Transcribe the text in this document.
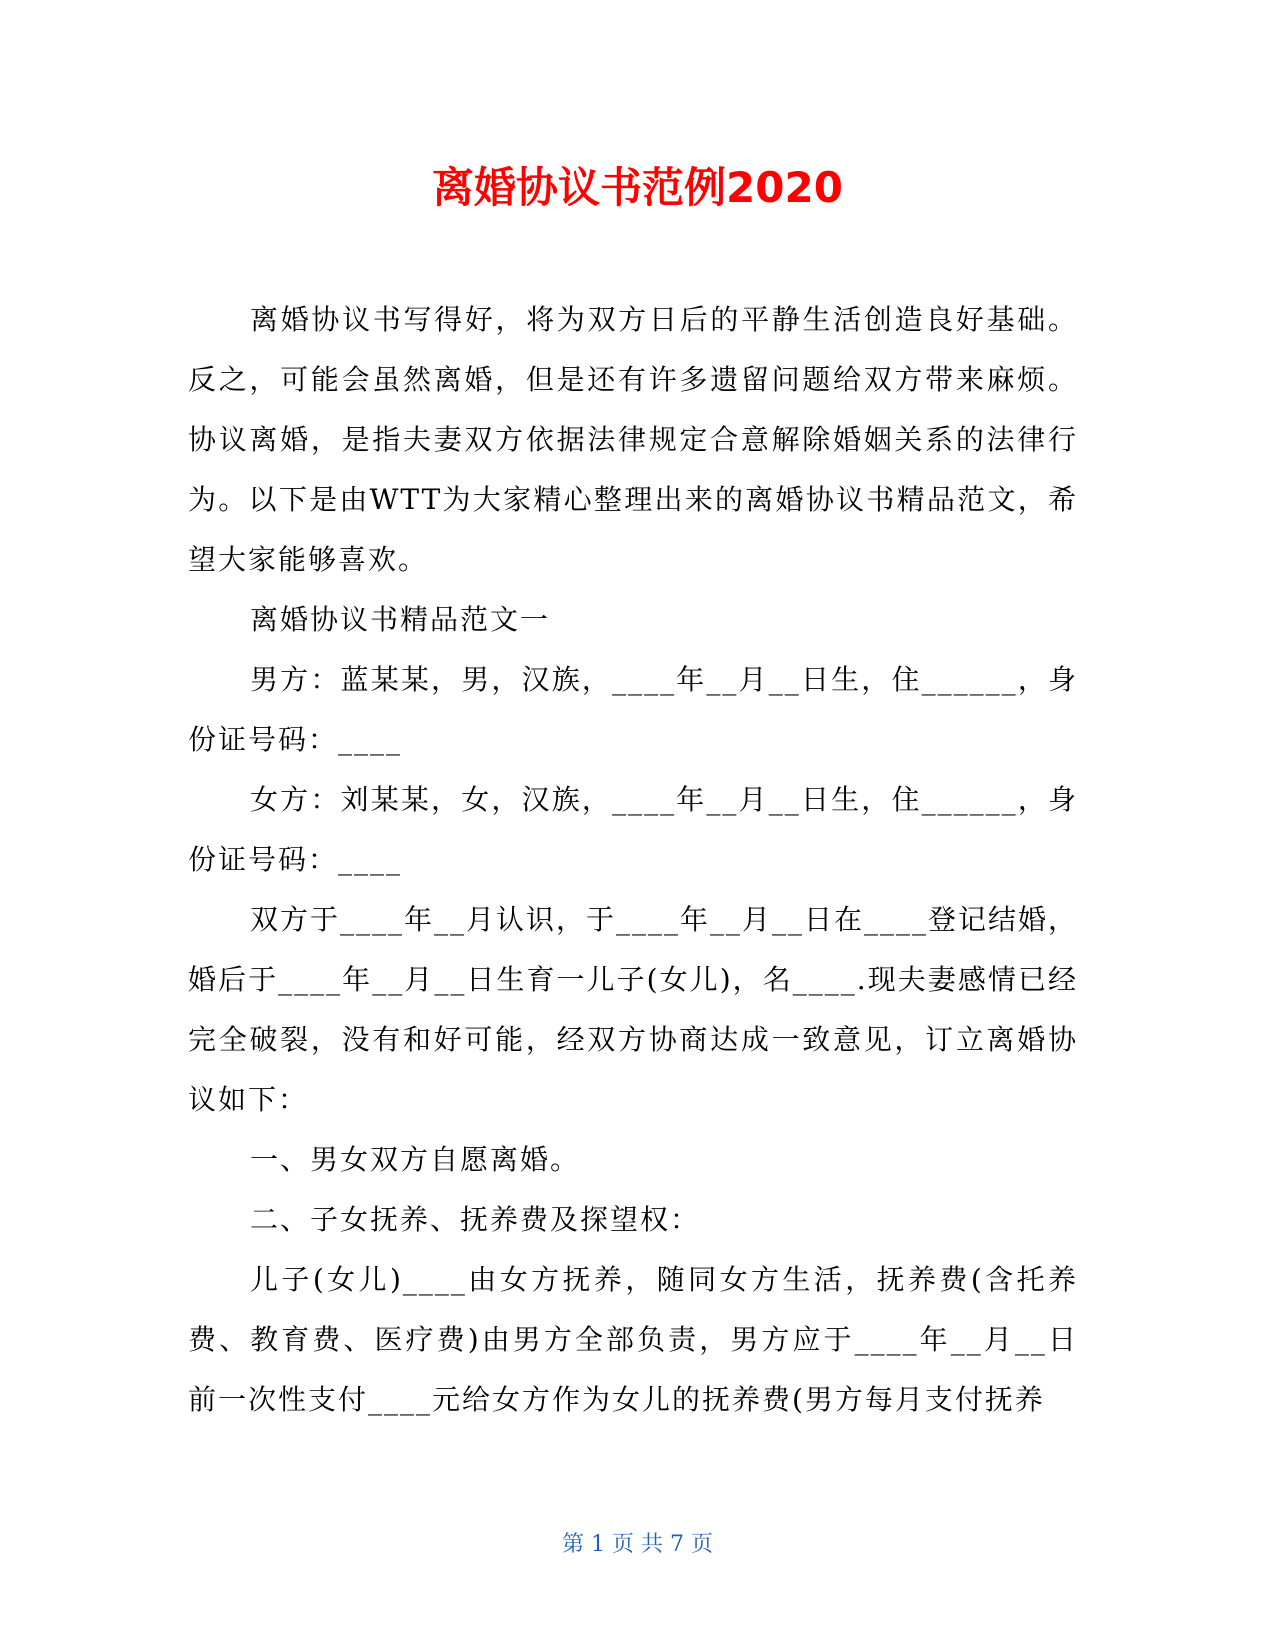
离婚协议书范例2020

离婚协议书写得好，将为双方日后的平静生活创造良好基础。反之，可能会虽然离婚，但是还有许多遗留问题给双方带来麻烦。协议离婚，是指夫妻双方依据法律规定合意解除婚姻关系的法律行为。以下是由WTT为大家精心整理出来的离婚协议书精品范文，希望大家能够喜欢。

离婚协议书精品范文一

男方：蓝某某，男，汉族，____年__月__日生，住______，身份证号码：____

女方：刘某某，女，汉族，____年__月__日生，住______，身份证号码：____

双方于____年__月认识，于____年__月__日在____登记结婚，婚后于____年__月__日生育一儿子(女儿)，名____.现夫妻感情已经完全破裂，没有和好可能，经双方协商达成一致意见，订立离婚协议如下：

一、男女双方自愿离婚。

二、子女抚养、抚养费及探望权：

儿子(女儿)____由女方抚养，随同女方生活，抚养费(含托养费、教育费、医疗费)由男方全部负责，男方应于____年__月__日前一次性支付____元给女方作为女儿的抚养费(男方每月支付抚养

第 1 页 共 7 页
